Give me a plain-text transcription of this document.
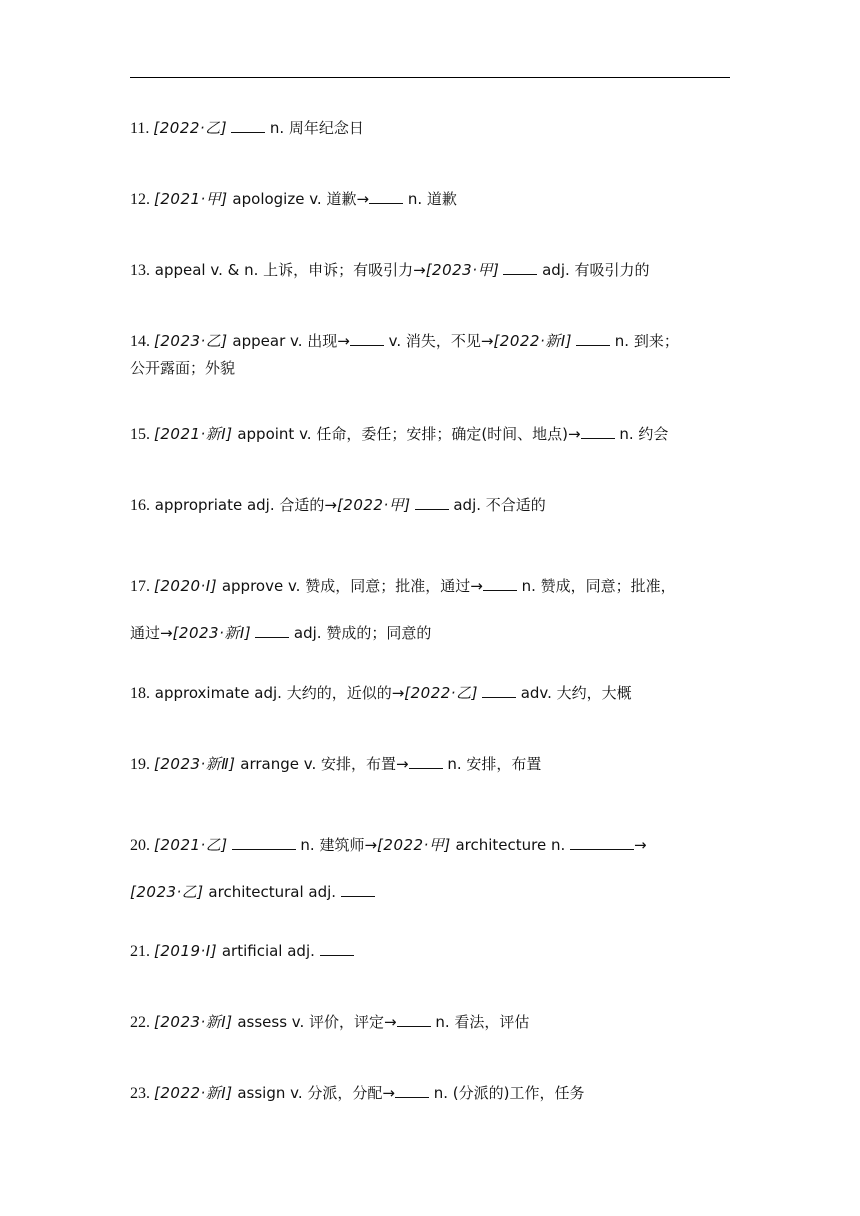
11. [2022·乙]	n. 周年纪念日
12. [2021·甲] apologize v. 道歉→ n. 道歉
13. appeal v. & n. 上诉，申诉；有吸引力→[2023·甲]	adj. 有吸引力的
14. [2023·乙] appear v. 出现→ v. 消失，不见→[2022·新Ⅰ]	n. 到来；
公开露面；外貌
15. [2021·新Ⅰ] appoint v. 任命，委任；安排；确定(时间、地点)→ n. 约会
16. appropriate adj. 合适的→[2022·甲]	adj. 不合适的
17. [2020·Ⅰ] approve v. 赞成，同意；批准，通过→ n. 赞成，同意；批准，
通过→[2023·新Ⅰ]	adj. 赞成的；同意的
18. approximate adj. 大约的，近似的→[2022·乙]	adv. 大约，大概
19. [2023·新Ⅱ] arrange v. 安排，布置→ n. 安排，布置
20. [2021·乙]	n. 建筑师→[2022·甲] architecture n.	→
[2023·乙] architectural adj.
21. [2019·Ⅰ] artificial adj.
22. [2023·新Ⅰ] assess v. 评价，评定→ n. 看法，评估
23. [2022·新Ⅰ] assign v. 分派，分配→ n. (分派的)工作，任务
